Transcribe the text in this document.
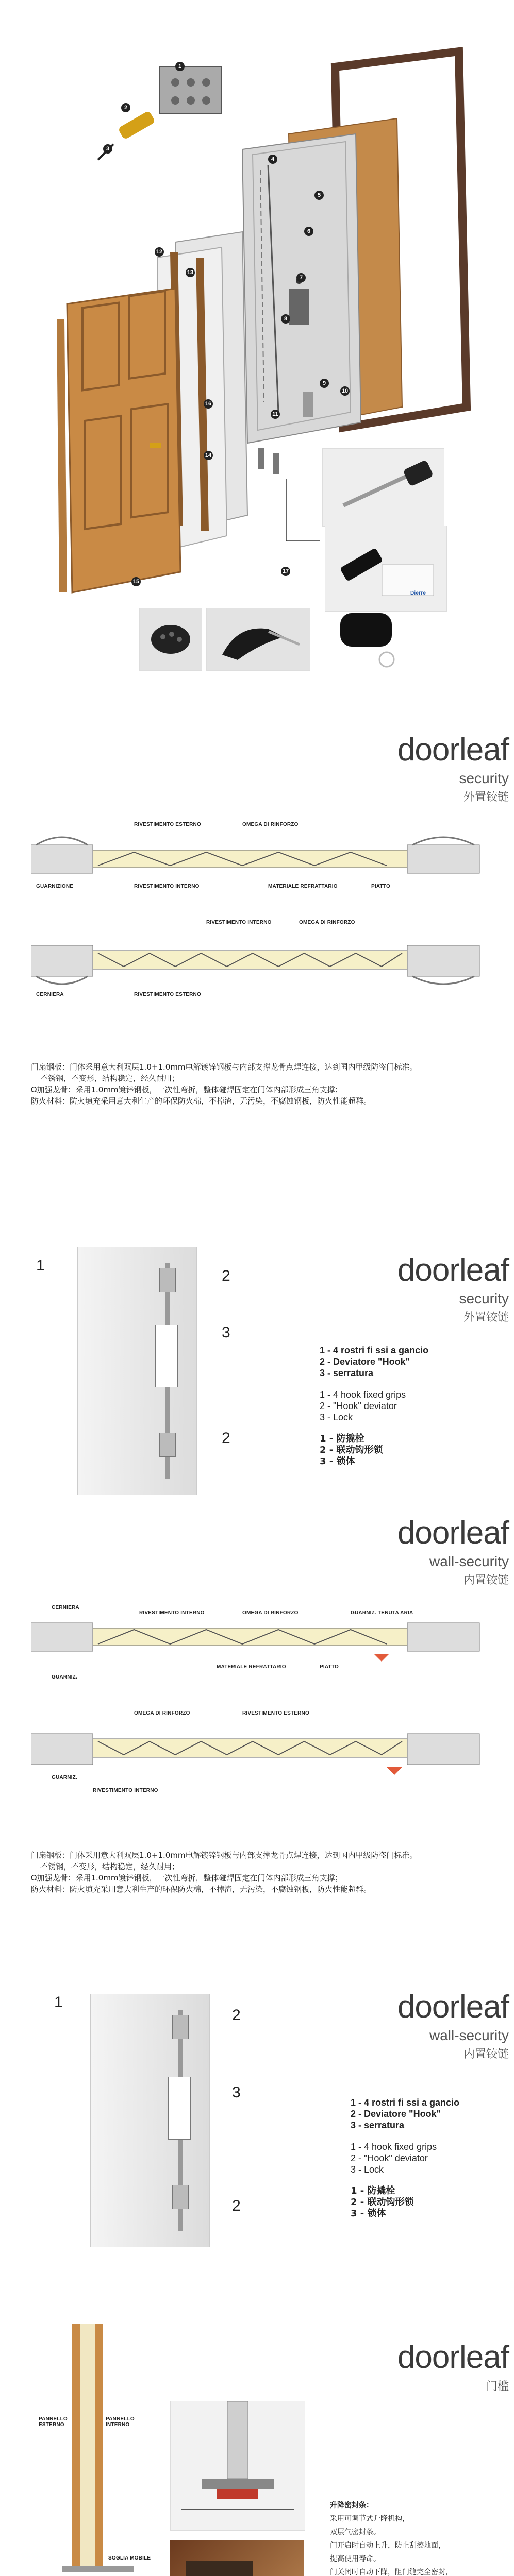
1
2
3
4
5
6
7
8
9
10
11
12
13
14
15
16
17
Dierre
doorleaf
security
外置铰链
RIVESTIMENTO ESTERNO	OMEGA DI RINFORZO
GUARNIZIONE	RIVESTIMENTO INTERNO	MATERIALE REFRATTARIO	PIATTO
RIVESTIMENTO INTERNO	OMEGA DI RINFORZO
CERNIERA	RIVESTIMENTO ESTERNO
门扇钢板：门体采用意大利双层1.0+1.0mm电解镀锌钢板与内部支撑龙骨点焊连接，达到国内甲级防盗门标准。
不锈钢，不变形，结构稳定，经久耐用；
Ω加强龙骨：采用1.0mm镀锌钢板，一次性弯折，整体碰焊固定在门体内部形成三角支撑；
防火材料：防火填充采用意大利生产的环保防火棉，不掉渣，无污染，不腐蚀钢板，防火性能超群。
doorleaf
security
外置铰链
1
2
3
2
1 - 4 rostri fi ssi a gancio
2 - Deviatore "Hook"
3 - serratura
1 - 4 hook fixed grips
2 - "Hook" deviator
3 - Lock
1 - 防撬栓
2 - 联动钩形锁
3 - 锁体
doorleaf
wall-security
内置铰链
CERNIERA
RIVESTIMENTO INTERNO	OMEGA DI RINFORZO	GUARNIZ. TENUTA ARIA
GUARNIZ.
MATERIALE REFRATTARIO	PIATTO
OMEGA DI RINFORZO	RIVESTIMENTO ESTERNO
GUARNIZ.
RIVESTIMENTO INTERNO
门扇钢板：门体采用意大利双层1.0+1.0mm电解镀锌钢板与内部支撑龙骨点焊连接，达到国内甲级防盗门标准。
不锈钢，不变形，结构稳定，经久耐用；
Ω加强龙骨：采用1.0mm镀锌钢板，一次性弯折，整体碰焊固定在门体内部形成三角支撑；
防火材料：防火填充采用意大利生产的环保防火棉，不掉渣，无污染，不腐蚀钢板，防火性能超群。
doorleaf
wall-security
内置铰链
1
2
3
2
1 - 4 rostri fi ssi a gancio
2 - Deviatore "Hook"
3 - serratura
1 - 4 hook fixed grips
2 - "Hook" deviator
3 - Lock
1 - 防撬栓
2 - 联动钩形锁
3 - 锁体
doorleaf
门槛
PANNELLO ESTERNO
PANNELLO INTERNO
SOGLIA MOBILE
升降密封条：
采用可调节式升降机构，
双层气密封条。
门开启时自动上升，防止刮擦地面，
提高使用寿命。
门关闭时自动下降，阻门缝完全密封，
